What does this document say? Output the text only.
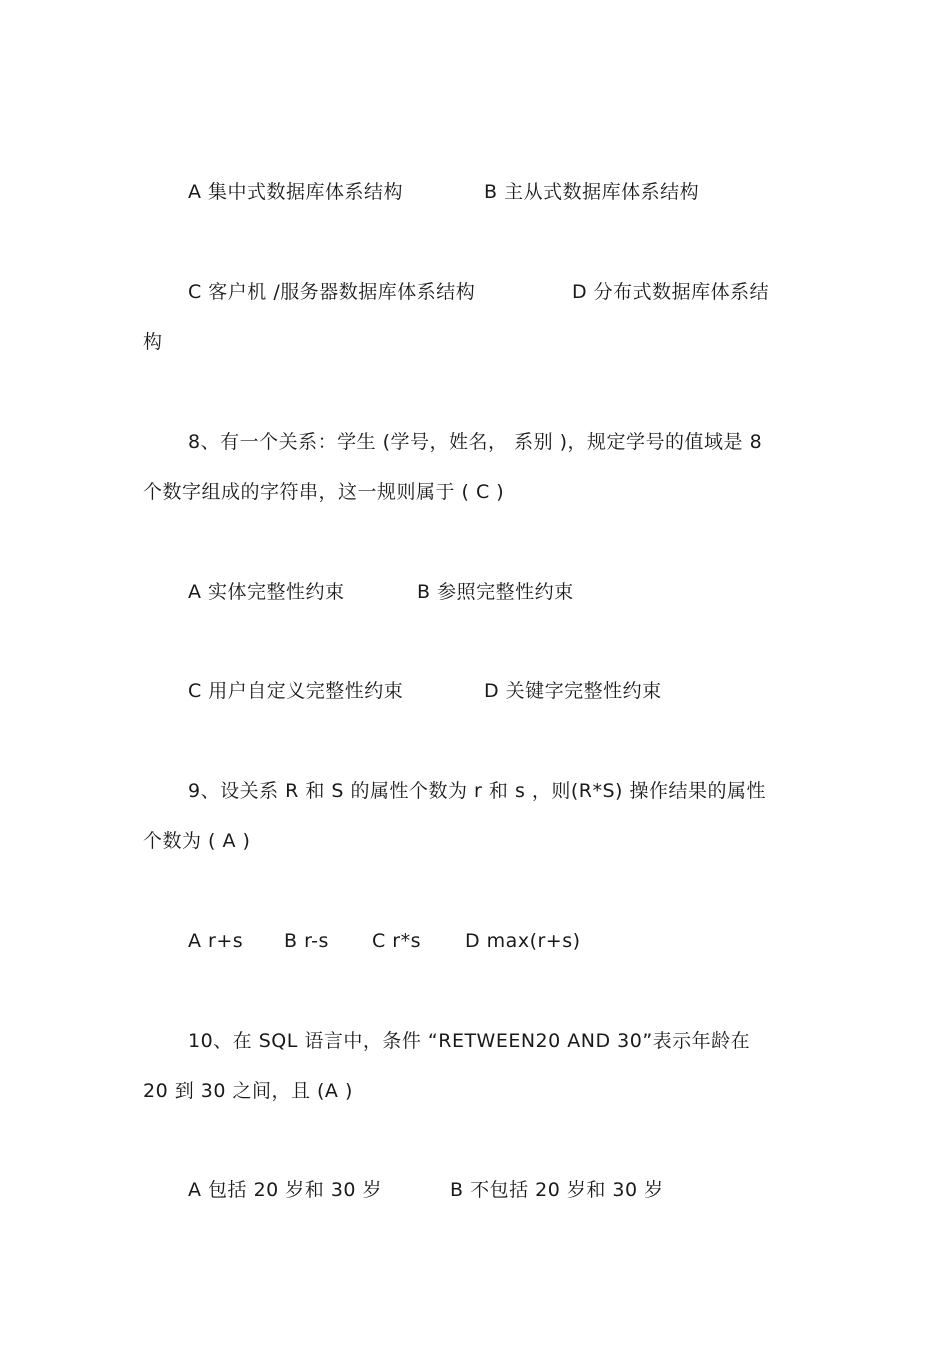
A 集中式数据库体系结构	B 主从式数据库体系结构
C 客户机 /服务器数据库体系结构	D 分布式数据库体系结
构
8、有一个关系：学生 (学号，姓名， 系别 )，规定学号的值域是 8
个数字组成的字符串，这一规则属于 ( C )
A 实体完整性约束	B 参照完整性约束
C 用户自定义完整性约束	D 关键字完整性约束
9、设关系 R 和 S 的属性个数为 r 和 s ，则(R*S) 操作结果的属性
个数为 ( A )
A r+s B r-s C r*s D max(r+s)
10、在 SQL 语言中，条件 “RETWEEN20 AND 30”表示年龄在
20 到 30 之间，且 (A )
A 包括 20 岁和 30 岁	B 不包括 20 岁和 30 岁
